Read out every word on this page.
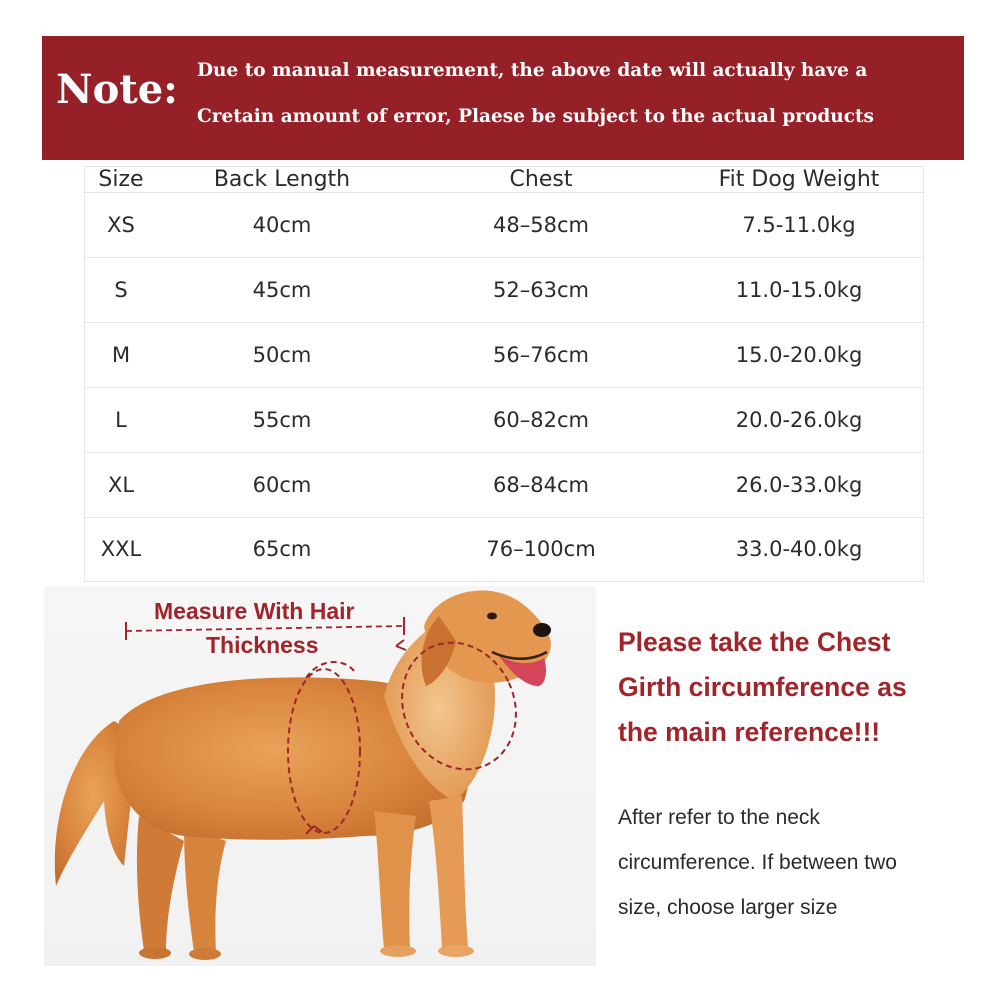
Note: Due to manual measurement, the above date will actually have a
Cretain amount of error, Plaese be subject to the actual products
Size	Back Length	Chest	Fit Dog Weight
XS	40cm	48–58cm	7.5-11.0kg
S	45cm	52–63cm	11.0-15.0kg
M	50cm	56–76cm	15.0-20.0kg
L	55cm	60–82cm	20.0-26.0kg
XL	60cm	68–84cm	26.0-33.0kg
XXL	65cm	76–100cm	33.0-40.0kg
Measure With Hair
Thickness	Please take the Chest
Girth circumference as
the main reference!!!
After refer to the neck
circumference. If between two
size, choose larger size
